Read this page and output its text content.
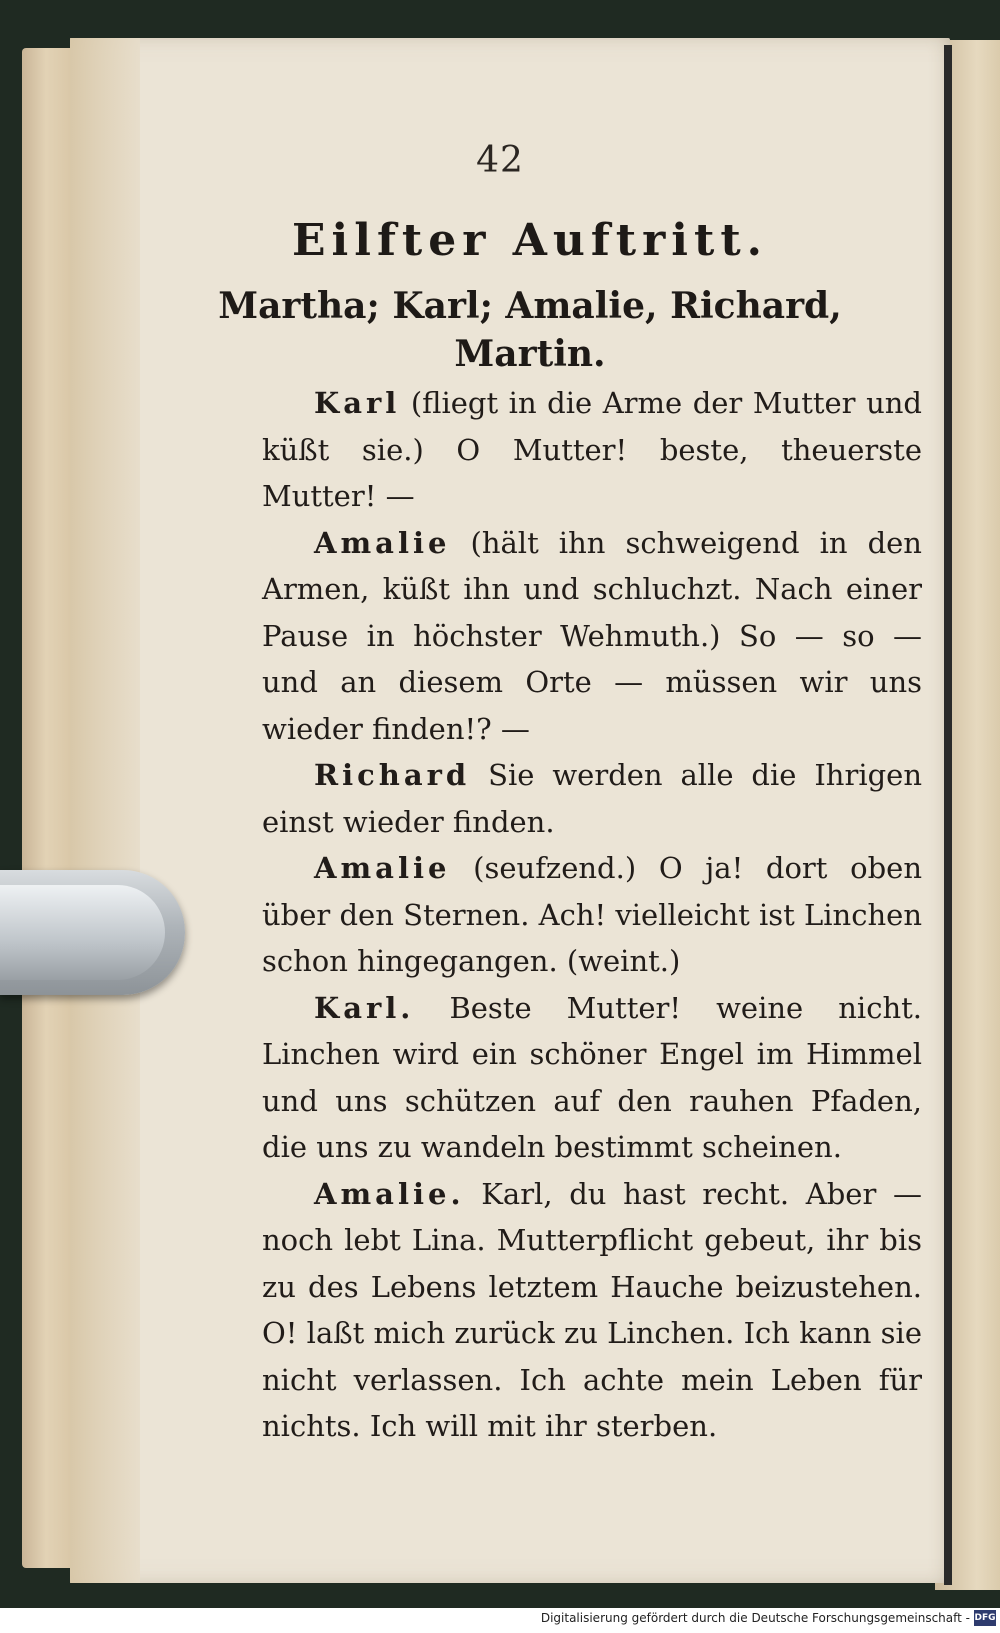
42
Eilfter Auftritt.
Martha; Karl; Amalie, Richard, Martin.

Karl (fliegt in die Arme der Mutter und küßt sie.) O Mutter! beste, theuerste Mutter! —

Amalie (hält ihn schweigend in den Armen, küßt ihn und schluchzt. Nach einer Pause in höchster Wehmuth.) So — so — und an diesem Orte — müssen wir uns wieder finden!? —

Richard Sie werden alle die Ihrigen einst wieder finden.

Amalie (seufzend.) O ja! dort oben über den Sternen. Ach! vielleicht ist Linchen schon hingegangen. (weint.)

Karl. Beste Mutter! weine nicht. Linchen wird ein schöner Engel im Himmel und uns schützen auf den rauhen Pfaden, die uns zu wandeln bestimmt scheinen.

Amalie. Karl, du hast recht. Aber — noch lebt Lina. Mutterpflicht gebeut, ihr bis zu des Lebens letztem Hauche beizustehen. O! laßt mich zurück zu Linchen. Ich kann sie nicht verlassen. Ich achte mein Leben für nichts. Ich will mit ihr sterben.

Digitalisierung gefördert durch die Deutsche Forschungsgemeinschaft - DFG
